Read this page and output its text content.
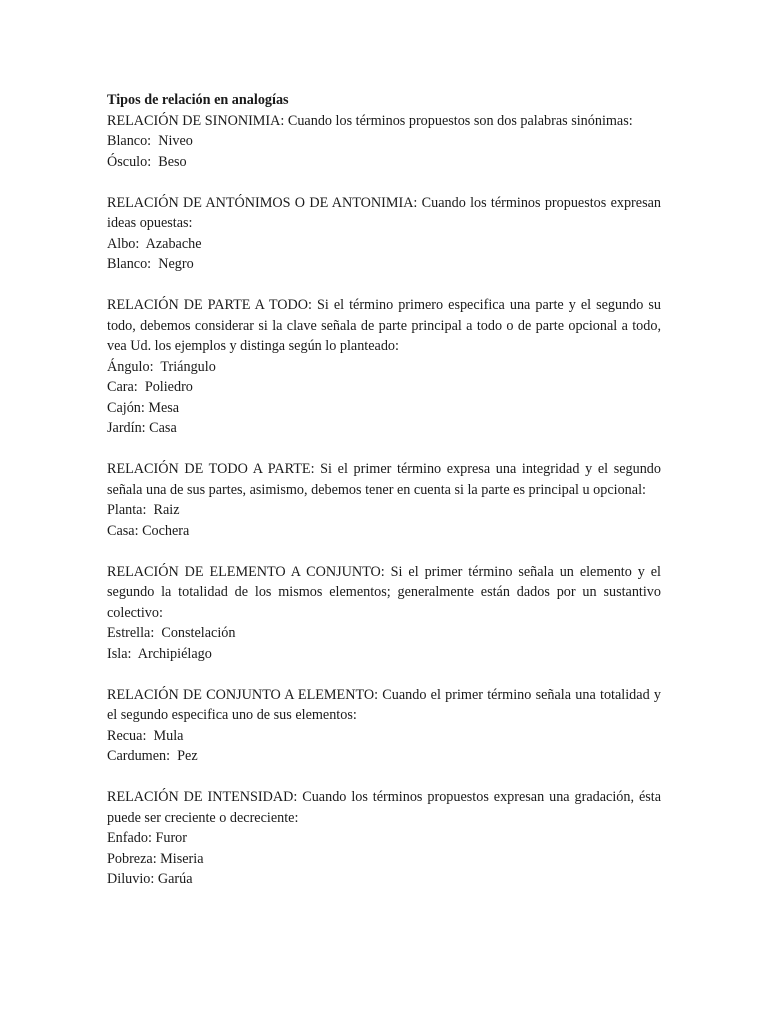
Tipos de relación en analogías

RELACIÓN DE SINONIMIA: Cuando los términos propuestos son dos palabras sinónimas:

Blanco:  Niveo
Ósculo:  Beso

RELACIÓN DE ANTÓNIMOS O DE ANTONIMIA: Cuando los términos propuestos expresan ideas opuestas:

Albo:  Azabache
Blanco:  Negro

RELACIÓN DE PARTE A TODO: Si el término primero especifica una parte y el segundo su todo, debemos considerar si la clave señala de parte principal a todo o de parte opcional a todo, vea Ud. los ejemplos y distinga según lo planteado:

Ángulo:  Triángulo
Cara:  Poliedro
Cajón: Mesa
Jardín: Casa

RELACIÓN DE TODO A PARTE: Si el primer término expresa una integridad y el segundo señala una de sus partes, asimismo, debemos tener en cuenta si la parte es principal u opcional:

Planta:  Raiz
Casa: Cochera

RELACIÓN DE ELEMENTO A CONJUNTO: Si el primer término señala un elemento y el segundo la totalidad de los mismos elementos; generalmente están dados por un sustantivo colectivo:

Estrella:  Constelación
Isla:  Archipiélago

RELACIÓN DE CONJUNTO A ELEMENTO: Cuando el primer término señala una totalidad y el segundo especifica uno de sus elementos:

Recua:  Mula
Cardumen:  Pez

RELACIÓN DE INTENSIDAD: Cuando los términos propuestos expresan una gradación, ésta puede ser creciente o decreciente:

Enfado: Furor
Pobreza: Miseria
Diluvio: Garúa
